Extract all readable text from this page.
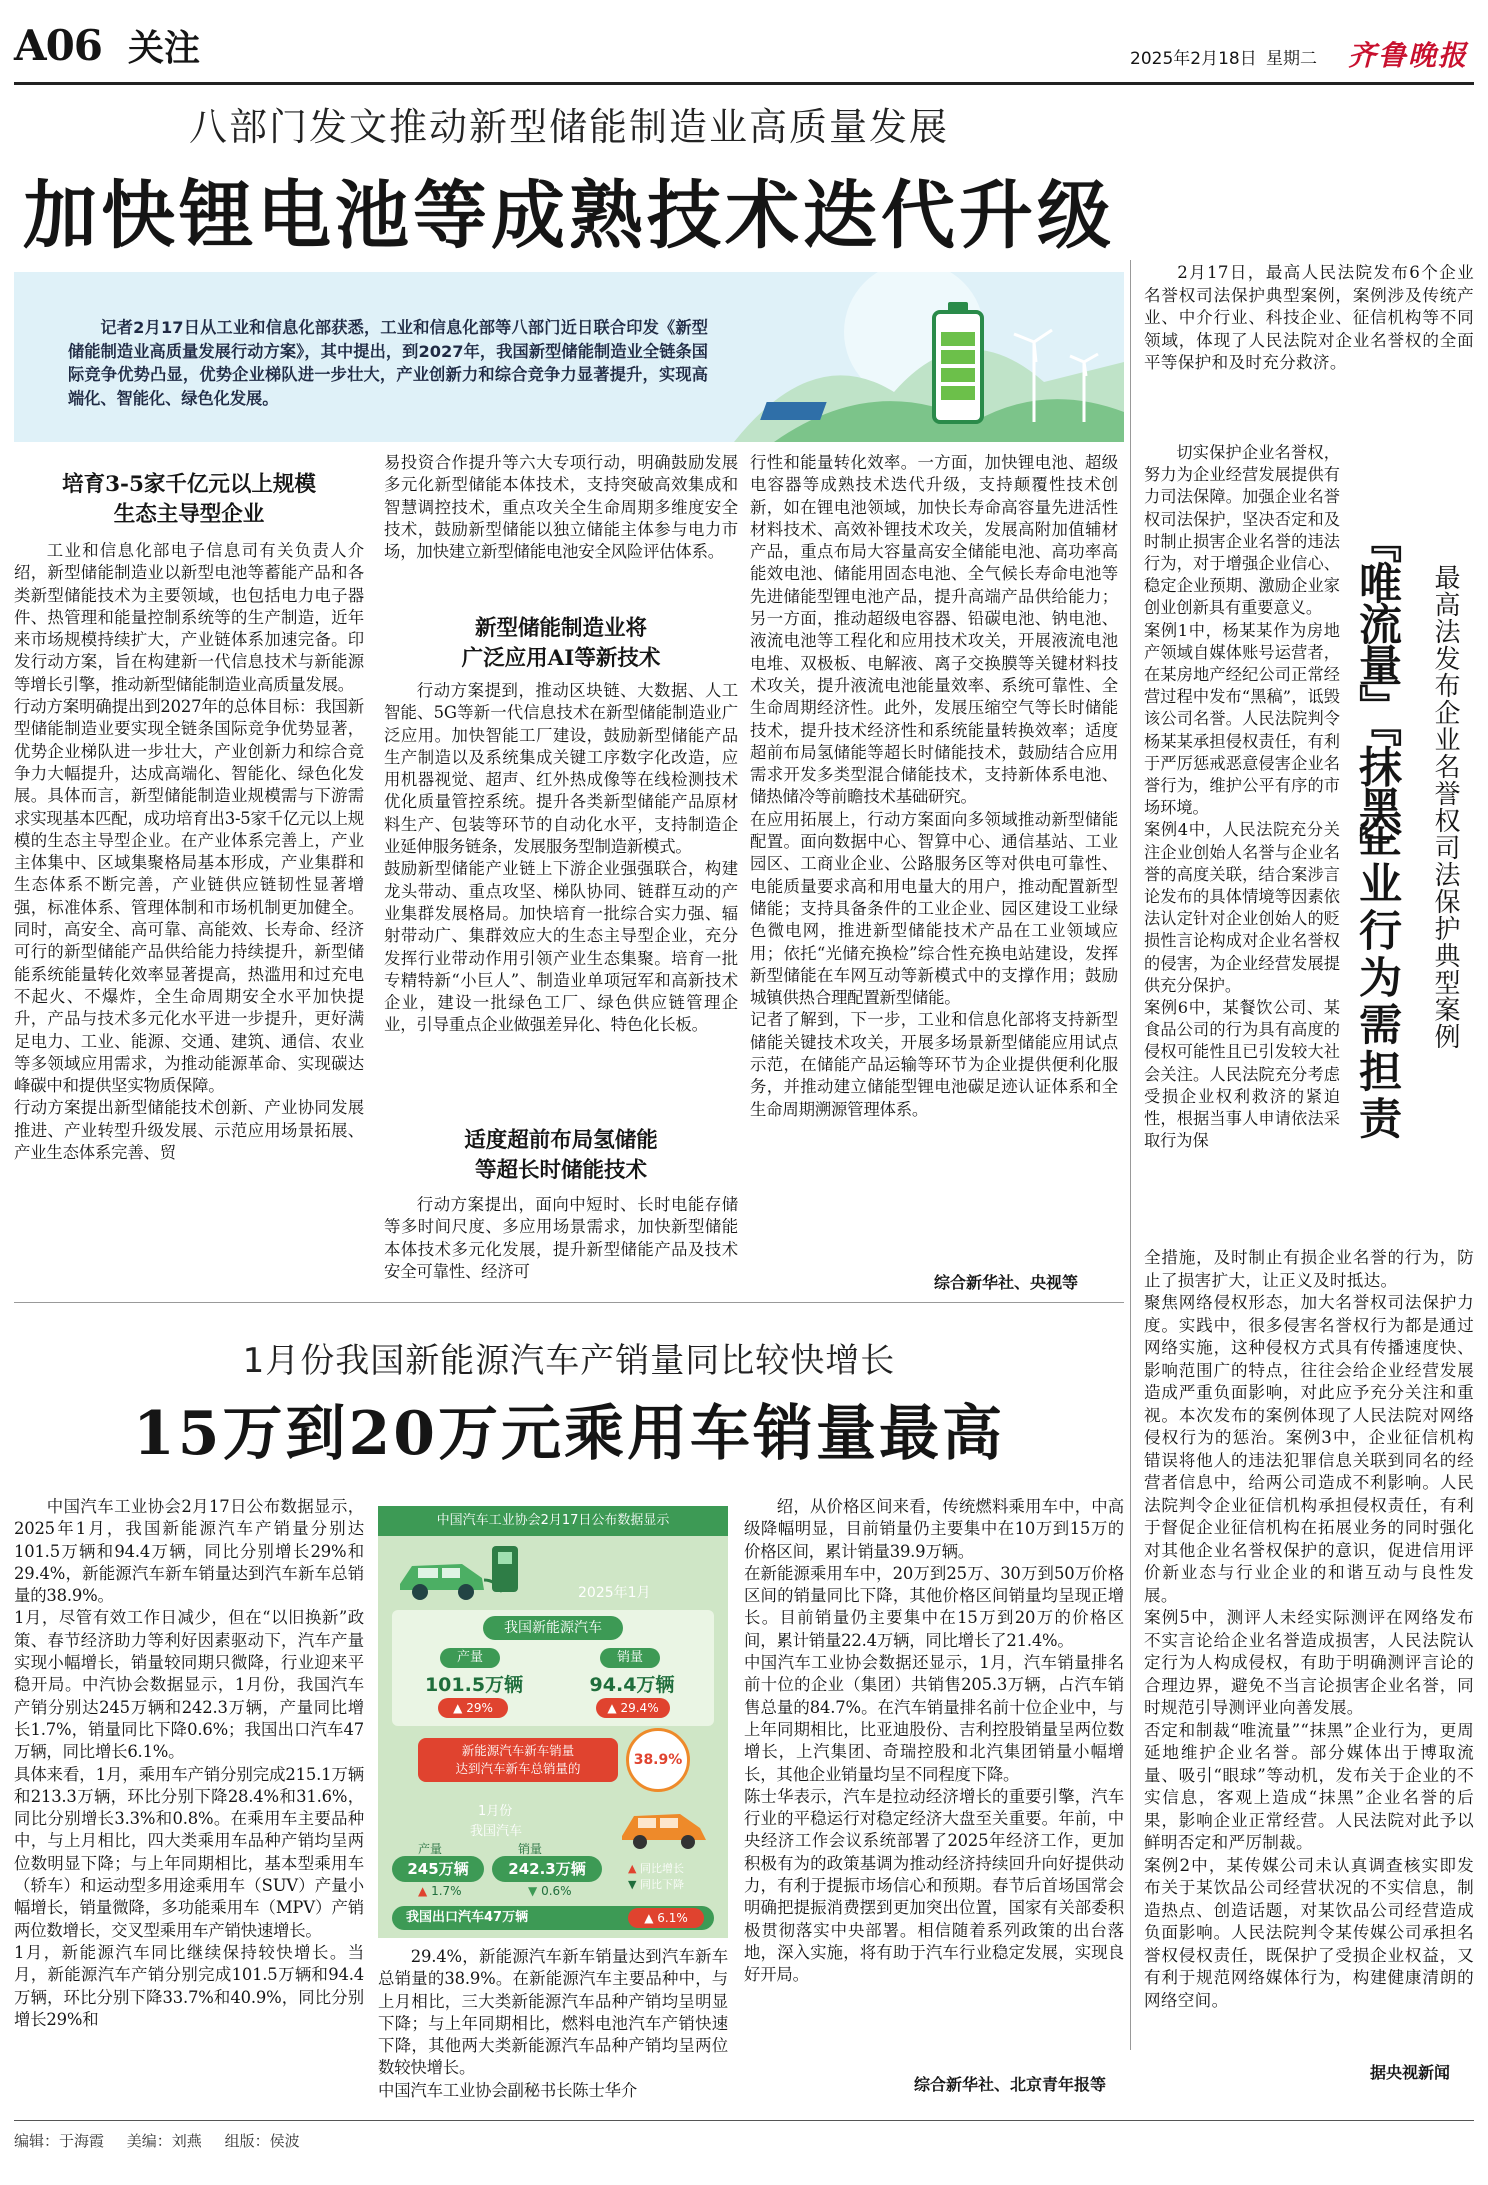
A06 关注	2025年2月18日 星期二 齐鲁晚报
八部门发文推动新型储能制造业高质量发展
加快锂电池等成熟技术迭代升级
记者2月17日从工业和信息化部获悉，工业和信息化部等八部门近日联合印发《新型储能制造业高质量发展行动方案》，其中提出，到2027年，我国新型储能制造业全链条国际竞争优势凸显，优势企业梯队进一步壮大，产业创新力和综合竞争力显著提升，实现高端化、智能化、绿色化发展。
培育3-5家千亿元以上规模
生态主导型企业
工业和信息化部电子信息司有关负责人介绍，新型储能制造业以新型电池等蓄能产品和各类新型储能技术为主要领域，也包括电力电子器件、热管理和能量控制系统等的生产制造，近年来市场规模持续扩大，产业链体系加速完备。印发行动方案，旨在构建新一代信息技术与新能源等增长引擎，推动新型储能制造业高质量发展。
行动方案明确提出到2027年的总体目标：我国新型储能制造业要实现全链条国际竞争优势显著，优势企业梯队进一步壮大，产业创新力和综合竞争力大幅提升，达成高端化、智能化、绿色化发展。具体而言，新型储能制造业规模需与下游需求实现基本匹配，成功培育出3-5家千亿元以上规模的生态主导型企业。在产业体系完善上，产业主体集中、区域集聚格局基本形成，产业集群和生态体系不断完善，产业链供应链韧性显著增强，标准体系、管理体制和市场机制更加健全。同时，高安全、高可靠、高能效、长寿命、经济可行的新型储能产品供给能力持续提升，新型储能系统能量转化效率显著提高，热滥用和过充电不起火、不爆炸，全生命周期安全水平加快提升，产品与技术多元化水平进一步提升，更好满足电力、工业、能源、交通、建筑、通信、农业等多领域应用需求，为推动能源革命、实现碳达峰碳中和提供坚实物质保障。
行动方案提出新型储能技术创新、产业协同发展推进、产业转型升级发展、示范应用场景拓展、产业生态体系完善、贸
易投资合作提升等六大专项行动，明确鼓励发展多元化新型储能本体技术，支持突破高效集成和智慧调控技术，重点攻关全生命周期多维度安全技术，鼓励新型储能以独立储能主体参与电力市场，加快建立新型储能电池安全风险评估体系。
新型储能制造业将
广泛应用AI等新技术
行动方案提到，推动区块链、大数据、人工智能、5G等新一代信息技术在新型储能制造业广泛应用。加快智能工厂建设，鼓励新型储能产品生产制造以及系统集成关键工序数字化改造，应用机器视觉、超声、红外热成像等在线检测技术优化质量管控系统。提升各类新型储能产品原材料生产、包装等环节的自动化水平，支持制造企业延伸服务链条，发展服务型制造新模式。
鼓励新型储能产业链上下游企业强强联合，构建龙头带动、重点攻坚、梯队协同、链群互动的产业集群发展格局。加快培育一批综合实力强、辐射带动广、集群效应大的生态主导型企业，充分发挥行业带动作用引领产业生态集聚。培育一批专精特新“小巨人”、制造业单项冠军和高新技术企业，建设一批绿色工厂、绿色供应链管理企业，引导重点企业做强差异化、特色化长板。
适度超前布局氢储能
等超长时储能技术
行动方案提出，面向中短时、长时电能存储等多时间尺度、多应用场景需求，加快新型储能本体技术多元化发展，提升新型储能产品及技术安全可靠性、经济可
行性和能量转化效率。一方面，加快锂电池、超级电容器等成熟技术迭代升级，支持颠覆性技术创新，如在锂电池领域，加快长寿命高容量先进活性材料技术、高效补锂技术攻关，发展高附加值辅材产品，重点布局大容量高安全储能电池、高功率高能效电池、储能用固态电池、全气候长寿命电池等先进储能型锂电池产品，提升高端产品供给能力；另一方面，推动超级电容器、铅碳电池、钠电池、液流电池等工程化和应用技术攻关，开展液流电池电堆、双极板、电解液、离子交换膜等关键材料技术攻关，提升液流电池能量效率、系统可靠性、全生命周期经济性。此外，发展压缩空气等长时储能技术，提升技术经济性和系统能量转换效率；适度超前布局氢储能等超长时储能技术，鼓励结合应用需求开发多类型混合储能技术，支持新体系电池、储热储冷等前瞻技术基础研究。
在应用拓展上，行动方案面向多领域推动新型储能配置。面向数据中心、智算中心、通信基站、工业园区、工商业企业、公路服务区等对供电可靠性、电能质量要求高和用电量大的用户，推动配置新型储能；支持具备条件的工业企业、园区建设工业绿色微电网，推进新型储能技术产品在工业领域应用；依托“光储充换检”综合性充换电站建设，发挥新型储能在车网互动等新模式中的支撑作用；鼓励城镇供热合理配置新型储能。
记者了解到，下一步，工业和信息化部将支持新型储能关键技术攻关，开展多场景新型储能应用试点示范，在储能产品运输等环节为企业提供便利化服务，并推动建立储能型锂电池碳足迹认证体系和全生命周期溯源管理体系。
综合新华社、央视等
2月17日，最高人民法院发布6个企业名誉权司法保护典型案例，案例涉及传统产业、中介行业、科技企业、征信机构等不同领域，体现了人民法院对企业名誉权的全面平等保护和及时充分救济。
切实保护企业名誉权，努力为企业经营发展提供有力司法保障。加强企业名誉权司法保护，坚决否定和及时制止损害企业名誉的违法行为，对于增强企业信心、稳定企业预期、激励企业家创业创新具有重要意义。
案例1中，杨某某作为房地产领域自媒体账号运营者，在某房地产经纪公司正常经营过程中发布“黑稿”，诋毁该公司名誉。人民法院判令杨某某承担侵权责任，有利于严厉惩戒恶意侵害企业名誉行为，维护公平有序的市场环境。
案例4中，人民法院充分关注企业创始人名誉与企业名誉的高度关联，结合案涉言论发布的具体情境等因素依法认定针对企业创始人的贬损性言论构成对企业名誉权的侵害，为企业经营发展提供充分保护。
案例6中，某餐饮公司、某食品公司的行为具有高度的侵权可能性且已引发较大社会关注。人民法院充分考虑受损企业权利救济的紧迫性，根据当事人申请依法采取行为保
『唯流量』『抹黑』
企业行为需担责 最高法发布企业名誉权司法保护典型案例
全措施，及时制止有损企业名誉的行为，防止了损害扩大，让正义及时抵达。
聚焦网络侵权形态，加大名誉权司法保护力度。实践中，很多侵害名誉权行为都是通过网络实施，这种侵权方式具有传播速度快、影响范围广的特点，往往会给企业经营发展造成严重负面影响，对此应予充分关注和重视。本次发布的案例体现了人民法院对网络侵权行为的惩治。案例3中，企业征信机构错误将他人的违法犯罪信息关联到同名的经营者信息中，给两公司造成不利影响。人民法院判令企业征信机构承担侵权责任，有利于督促企业征信机构在拓展业务的同时强化对其他企业名誉权保护的意识，促进信用评价新业态与行业企业的和谐互动与良性发展。
案例5中，测评人未经实际测评在网络发布不实言论给企业名誉造成损害，人民法院认定行为人构成侵权，有助于明确测评言论的合理边界，避免不当言论损害企业名誉，同时规范引导测评业向善发展。
否定和制裁“唯流量”“抹黑”企业行为，更周延地维护企业名誉。部分媒体出于博取流量、吸引“眼球”等动机，发布关于企业的不实信息，客观上造成“抹黑”企业名誉的后果，影响企业正常经营。人民法院对此予以鲜明否定和严厉制裁。
案例2中，某传媒公司未认真调查核实即发布关于某饮品公司经营状况的不实信息，制造热点、创造话题，对某饮品公司经营造成负面影响。人民法院判令某传媒公司承担名誉权侵权责任，既保护了受损企业权益，又有利于规范网络媒体行为，构建健康清朗的网络空间。
据央视新闻
1月份我国新能源汽车产销量同比较快增长
15万到20万元乘用车销量最高
中国汽车工业协会2月17日公布数据显示，2025年1月，我国新能源汽车产销量分别达101.5万辆和94.4万辆，同比分别增长29%和29.4%，新能源汽车新车销量达到汽车新车总销量的38.9%。
1月，尽管有效工作日减少，但在“以旧换新”政策、春节经济助力等利好因素驱动下，汽车产量实现小幅增长，销量较同期只微降，行业迎来平稳开局。中汽协会数据显示，1月份，我国汽车产销分别达245万辆和242.3万辆，产量同比增长1.7%，销量同比下降0.6%；我国出口汽车47万辆，同比增长6.1%。
具体来看，1月，乘用车产销分别完成215.1万辆和213.3万辆，环比分别下降28.4%和31.6%，同比分别增长3.3%和0.8%。在乘用车主要品种中，与上月相比，四大类乘用车品种产销均呈两位数明显下降；与上年同期相比，基本型乘用车（轿车）和运动型多用途乘用车（SUV）产量小幅增长，销量微降，多功能乘用车（MPV）产销两位数增长，交叉型乘用车产销快速增长。
1月，新能源汽车同比继续保持较快增长。当月，新能源汽车产销分别完成101.5万辆和94.4万辆，环比分别下降33.7%和40.9%，同比分别增长29%和
29.4%，新能源汽车新车销量达到汽车新车总销量的38.9%。在新能源汽车主要品种中，与上月相比，三大类新能源汽车品种产销均呈明显下降；与上年同期相比，燃料电池汽车产销快速下降，其他两大类新能源汽车品种产销均呈两位数较快增长。
中国汽车工业协会副秘书长陈士华介
绍，从价格区间来看，传统燃料乘用车中，中高级降幅明显，目前销量仍主要集中在10万到15万的价格区间，累计销量39.9万辆。
在新能源乘用车中，20万到25万、30万到50万价格区间的销量同比下降，其他价格区间销量均呈现正增长。目前销量仍主要集中在15万到20万的价格区间，累计销量22.4万辆，同比增长了21.4%。
中国汽车工业协会数据还显示，1月，汽车销量排名前十位的企业（集团）共销售205.3万辆，占汽车销售总量的84.7%。在汽车销量排名前十位企业中，与上年同期相比，比亚迪股份、吉利控股销量呈两位数增长，上汽集团、奇瑞控股和北汽集团销量小幅增长，其他企业销量均呈不同程度下降。
陈士华表示，汽车是拉动经济增长的重要引擎，汽车行业的平稳运行对稳定经济大盘至关重要。年前，中央经济工作会议系统部署了2025年经济工作，更加积极有为的政策基调为推动经济持续回升向好提供动力，有利于提振市场信心和预期。春节后首场国常会明确把提振消费摆到更加突出位置，国家有关部委积极贯彻落实中央部署。相信随着系列政策的出台落地，深入实施，将有助于汽车行业稳定发展，实现良好开局。
综合新华社、北京青年报等
中国汽车工业协会2月17日公布数据显示
2025年1月
我国新能源汽车
产量	销量
101.5万辆	94.4万辆
▲ 29%	▲ 29.4%
新能源汽车新车销量
达到汽车新车总销量的
38.9%
1月份
我国汽车
产量	销量
245万辆	242.3万辆
▲ 1.7%	▼ 0.6%
▲ 同比增长
▼ 同比下降
我国出口汽车47万辆	▲ 6.1%
编辑：于海霞 美编：刘燕 组版：侯波
